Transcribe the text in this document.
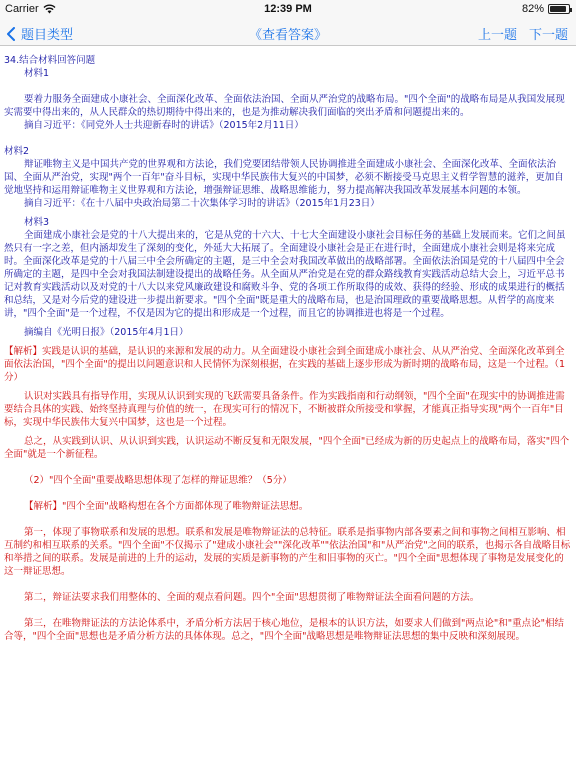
Carrier	12:39 PM	82%
题目类型	《查看答案》	上一题 下一题

34.结合材料回答问题

材料1

要着力服务全面建成小康社会、全面深化改革、全面依法治国、全面从严治党的战略布局。"四个全面"的战略布局是从我国发展现实需要中得出来的，从人民群众的热切期待中得出来的，也是为推动解决我们面临的突出矛盾和问题提出来的。

摘自习近平：《同党外人士共迎新春时的讲话》（2015年2月11日）

材料2

辩证唯物主义是中国共产党的世界观和方法论，我们党要团结带领人民协调推进全面建成小康社会、全面深化改革、全面依法治国、全面从严治党，实现"两个一百年"奋斗目标，实现中华民族伟大复兴的中国梦，必须不断接受马克思主义哲学智慧的滋养，更加自觉地坚持和运用辩证唯物主义世界观和方法论，增强辩证思维、战略思维能力，努力提高解决我国改革发展基本问题的本领。

摘自习近平：《在十八届中央政治局第二十次集体学习时的讲话》（2015年1月23日）

材料3

全面建成小康社会是党的十八大提出来的，它是从党的十六大、十七大全面建设小康社会目标任务的基础上发展而来。它们之间虽然只有一字之差，但内涵却发生了深刻的变化，外延大大拓展了。全面建设小康社会是正在进行时，全面建成小康社会则是将来完成时。全面深化改革是党的十八届三中全会所确定的主题，是三中全会对我国改革做出的战略部署。全面依法治国是党的十八届四中全会所确定的主题，是四中全会对我国法制建设提出的战略任务。从全面从严治党是在党的群众路线教育实践活动总结大会上，习近平总书记对教育实践活动以及对党的十八大以来党风廉政建设和腐败斗争、党的各项工作所取得的成效、获得的经验、形成的成果进行的概括和总结，又是对今后党的建设进一步提出新要求。"四个全面"既是重大的战略布局，也是治国理政的重要战略思想。从哲学的高度来讲，"四个全面"是一个过程，不仅是因为它的提出和形成是一个过程，而且它的协调推进也将是一个过程。

摘编自《光明日报》（2015年4月1日）

【解析】实践是认识的基础，是认识的来源和发展的动力。从全面建设小康社会到全面建成小康社会、从从严治党、全面深化改革到全面依法治国，"四个全面"的提出以问题意识和人民情怀为深刻根据，在实践的基础上逐步形成为新时期的战略布局，这是一个过程。（1分）

认识对实践具有指导作用，实现从认识到实现的飞跃需要具备条件。作为实践指南和行动纲领，"四个全面"在现实中的协调推进需要结合具体的实践、始终坚持真理与价值的统一，在现实可行的情况下，不断被群众所接受和掌握，才能真正指导实现"两个一百年"目标，实现中华民族伟大复兴中国梦，这也是一个过程。

总之，从实践到认识、从认识到实践，认识运动不断反复和无限发展，"四个全面"已经成为新的历史起点上的战略布局，落实"四个全面"就是一个新征程。

（2）"四个全面"重要战略思想体现了怎样的辩证思维？（5分）

【解析】"四个全面"战略构想在各个方面都体现了唯物辩证法思想。

第一，体现了事物联系和发展的思想。联系和发展是唯物辩证法的总特征。联系是指事物内部各要素之间和事物之间相互影响、相互制约和相互联系的关系。"四个全面"不仅揭示了"建成小康社会""深化改革""依法治国"和"从严治党"之间的联系，也揭示各自战略目标和举措之间的联系。发展是前进的上升的运动，发展的实质是新事物的产生和旧事物的灭亡。"四个全面"思想体现了事物是发展变化的这一辩证思想。

第二，辩证法要求我们用整体的、全面的观点看问题。四个"全面"思想贯彻了唯物辩证法全面看问题的方法。

第三，在唯物辩证法的方法论体系中，矛盾分析方法居于核心地位，是根本的认识方法，如要求人们做到"两点论"和"重点论"相结合等，"四个全面"思想也是矛盾分析方法的具体体现。总之，"四个全面"战略思想是唯物辩证法思想的集中反映和深刻展现。
